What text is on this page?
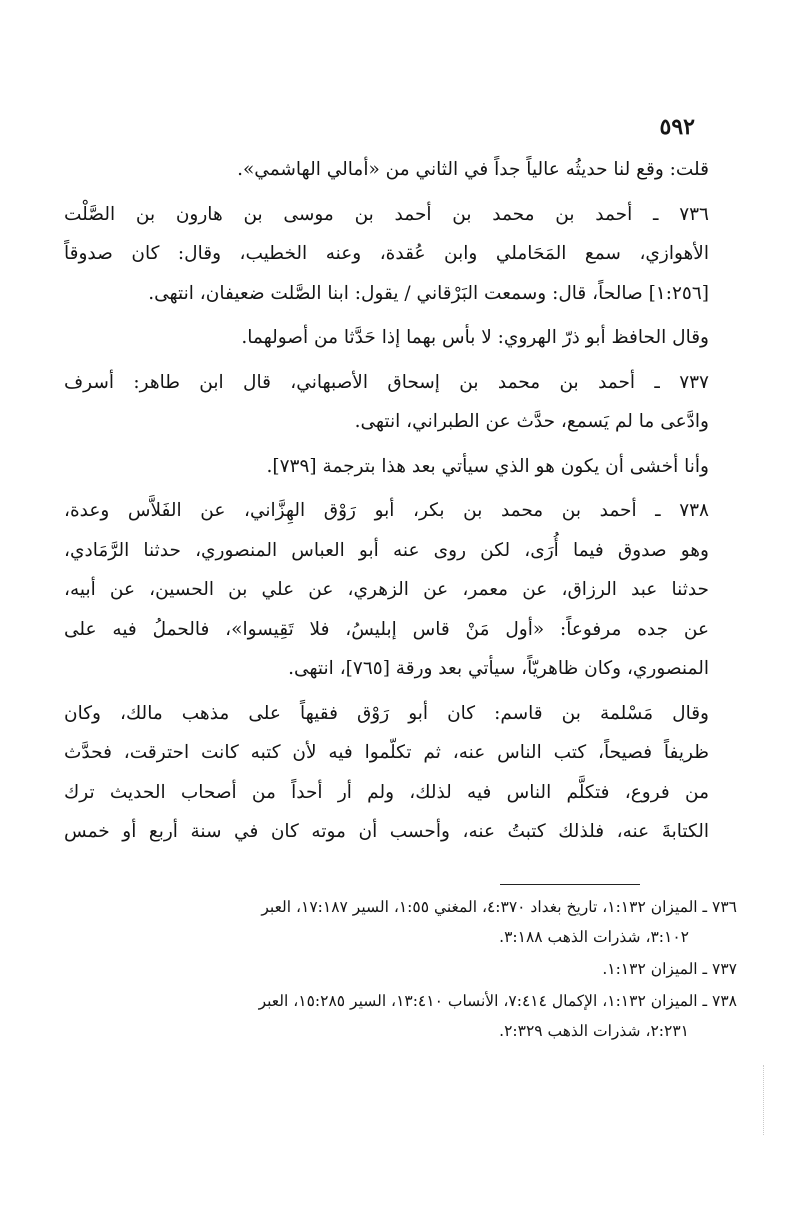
٥٩٢

قلت: وقع لنا حديثُه عالياً جداً في الثاني من «أمالي الهاشمي».

٧٣٦ ـ أحمد بن محمد بن أحمد بن موسى بن هارون بن الصَّلْت
الأهوازي، سمع المَحَاملي وابن عُقدة، وعنه الخطيب، وقال: كان صدوقاً
[١:٢٥٦] صالحاً، قال: وسمعت البَرْقاني / يقول: ابنا الصَّلت ضعيفان، انتهى.

وقال الحافظ أبو ذرّ الهروي: لا بأس بهما إذا حَدَّثا من أصولهما.

٧٣٧ ـ أحمد بن محمد بن إسحاق الأصبهاني، قال ابن طاهر: أسرف
وادَّعى ما لم يَسمع، حدَّث عن الطبراني، انتهى.

وأنا أخشى أن يكون هو الذي سيأتي بعد هذا بترجمة [٧٣٩].

٧٣٨ ـ أحمد بن محمد بن بكر، أبو رَوْق الهِزَّاني، عن الفَلاَّس وعدة،
وهو صدوق فيما أُرَى، لكن روى عنه أبو العباس المنصوري، حدثنا الرَّمَادي،
حدثنا عبد الرزاق، عن معمر، عن الزهري، عن علي بن الحسين، عن أبيه،
عن جده مرفوعاً: «أول مَنْ قاس إبليسُ، فلا تَقِيسوا»، فالحملُ فيه على
المنصوري، وكان ظاهريّاً، سيأتي بعد ورقة [٧٦٥]، انتهى.

وقال مَسْلمة بن قاسم: كان أبو رَوْق فقيهاً على مذهب مالك، وكان
ظريفاً فصيحاً، كتب الناس عنه، ثم تكلّموا فيه لأن كتبه كانت احترقت، فحدَّث
من فروع، فتكلَّم الناس فيه لذلك، ولم أر أحداً من أصحاب الحديث ترك
الكتابةَ عنه، فلذلك كتبتُ عنه، وأحسب أن موته كان في سنة أربع أو خمس

٧٣٦ ـ الميزان ١:١٣٢، تاريخ بغداد ٤:٣٧٠، المغني ١:٥٥، السير ١٧:١٨٧، العبر
٣:١٠٢، شذرات الذهب ٣:١٨٨.
٧٣٧ ـ الميزان ١:١٣٢.
٧٣٨ ـ الميزان ١:١٣٢، الإكمال ٧:٤١٤، الأنساب ١٣:٤١٠، السير ١٥:٢٨٥، العبر
٢:٢٣١، شذرات الذهب ٢:٣٢٩.
